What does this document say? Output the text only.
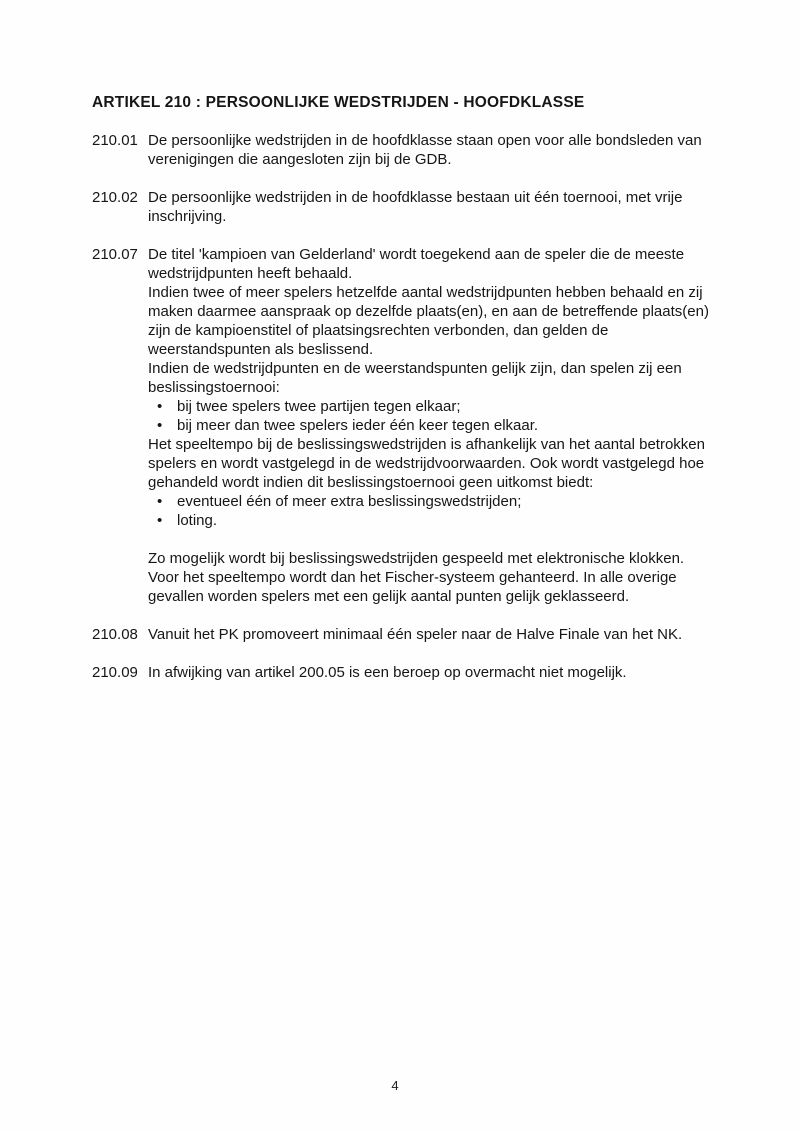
ARTIKEL 210 : PERSOONLIJKE WEDSTRIJDEN - HOOFDKLASSE
210.01 De persoonlijke wedstrijden in de hoofdklasse staan open voor alle bondsleden van verenigingen die aangesloten zijn bij de GDB.

210.02 De persoonlijke wedstrijden in de hoofdklasse bestaan uit één toernooi, met vrije inschrijving.

210.07 De titel 'kampioen van Gelderland' wordt toegekend aan de speler die de meeste wedstrijdpunten heeft behaald.

Indien twee of meer spelers hetzelfde aantal wedstrijdpunten hebben behaald en zij maken daarmee aanspraak op dezelfde plaats(en), en aan de betreffende plaats(en) zijn de kampioenstitel of plaatsingsrechten verbonden, dan gelden de weerstandspunten als beslissend.

Indien de wedstrijdpunten en de weerstandspunten gelijk zijn, dan spelen zij een beslissingstoernooi:

• bij twee spelers twee partijen tegen elkaar;
• bij meer dan twee spelers ieder één keer tegen elkaar.

Het speeltempo bij de beslissingswedstrijden is afhankelijk van het aantal betrokken spelers en wordt vastgelegd in de wedstrijdvoorwaarden. Ook wordt vastgelegd hoe gehandeld wordt indien dit beslissingstoernooi geen uitkomst biedt:

• eventueel één of meer extra beslissingswedstrijden;
• loting.

Zo mogelijk wordt bij beslissingswedstrijden gespeeld met elektronische klokken. Voor het speeltempo wordt dan het Fischer-systeem gehanteerd. In alle overige gevallen worden spelers met een gelijk aantal punten gelijk geklasseerd.

210.08 Vanuit het PK promoveert minimaal één speler naar de Halve Finale van het NK.

210.09 In afwijking van artikel 200.05 is een beroep op overmacht niet mogelijk.

4
